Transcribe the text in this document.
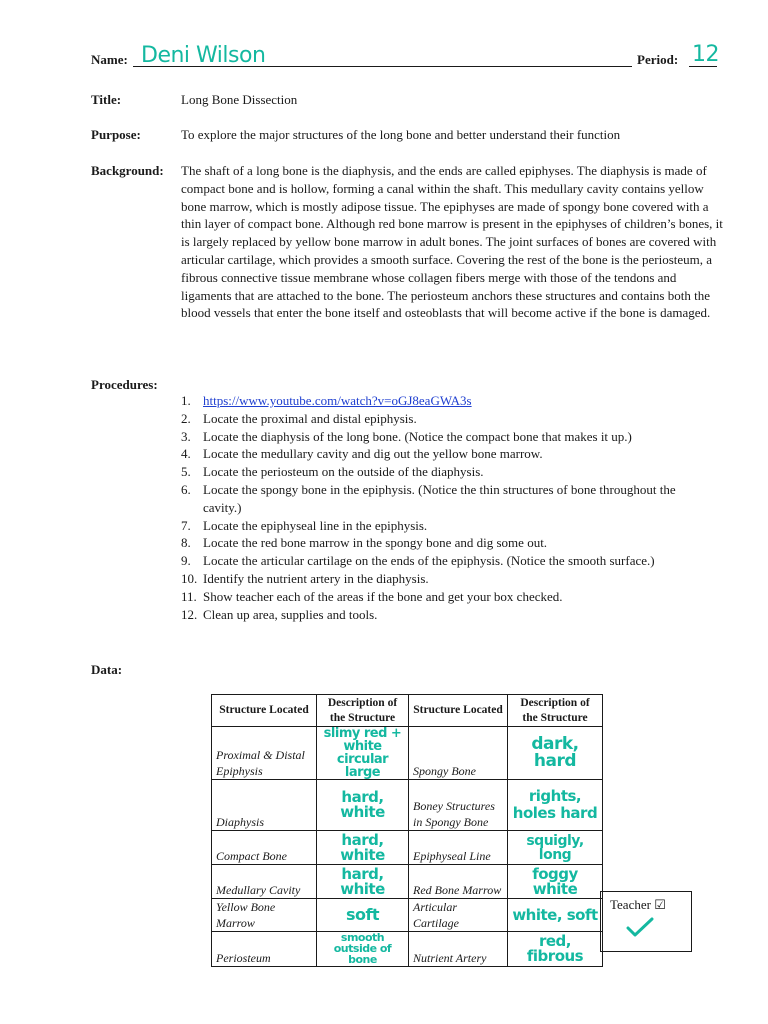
Name: Deni Wilson	Period: 12
Title:	Long Bone Dissection
Purpose:	To explore the major structures of the long bone and better understand their function
Background: The shaft of a long bone is the diaphysis, and the ends are called epiphyses. The diaphysis is made of compact bone and is hollow, forming a canal within the shaft. This medullary cavity contains yellow bone marrow, which is mostly adipose tissue. The epiphyses are made of spongy bone covered with a thin layer of compact bone. Although red bone marrow is present in the epiphyses of children’s bones, it is largely replaced by yellow bone marrow in adult bones. The joint surfaces of bones are covered with articular cartilage, which provides a smooth surface. Covering the rest of the bone is the periosteum, a fibrous connective tissue membrane whose collagen fibers merge with those of the tendons and ligaments that are attached to the bone. The periosteum anchors these structures and contains both the blood vessels that enter the bone itself and osteoblasts that will become active if the bone is damaged.
Procedures:
1. https://www.youtube.com/watch?v=oGJ8eaGWA3s
2. Locate the proximal and distal epiphysis.
3. Locate the diaphysis of the long bone. (Notice the compact bone that makes it up.)
4. Locate the medullary cavity and dig out the yellow bone marrow.
5. Locate the periosteum on the outside of the diaphysis.
6. Locate the spongy bone in the epiphysis. (Notice the thin structures of bone throughout the cavity.)
7. Locate the epiphyseal line in the epiphysis.
8. Locate the red bone marrow in the spongy bone and dig some out.
9. Locate the articular cartilage on the ends of the epiphysis. (Notice the smooth surface.)
10. Identify the nutrient artery in the diaphysis.
11. Show teacher each of the areas if the bone and get your box checked.
12. Clean up area, supplies and tools.
Data:
Structure Located	Description of the Structure	Structure Located	Description of the Structure
Proximal & Distal Epiphysis	slimy red + white circular large	Spongy Bone	dark, hard
Diaphysis	hard, white	Boney Structures in Spongy Bone	rights, holes hard
Compact Bone	hard, white	Epiphyseal Line	squigly, long
Medullary Cavity	hard, white	Red Bone Marrow	foggy white
Yellow Bone Marrow	soft	Articular Cartilage	white, soft
Periosteum	smooth outside of bone	Nutrient Artery	red, fibrous
Teacher ☑
